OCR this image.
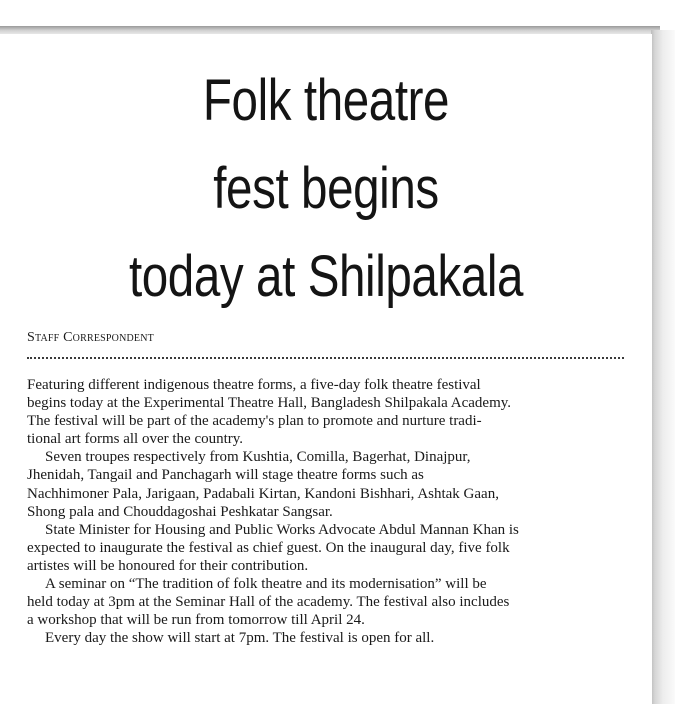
Folk theatre
fest begins
today at Shilpakala
Staff Correspondent
Featuring different indigenous theatre forms, a five-day folk theatre festival
begins today at the Experimental Theatre Hall, Bangladesh Shilpakala Academy.
The festival will be part of the academy's plan to promote and nurture tradi-
tional art forms all over the country.
Seven troupes respectively from Kushtia, Comilla, Bagerhat, Dinajpur,
Jhenidah, Tangail and Panchagarh will stage theatre forms such as
Nachhimoner Pala, Jarigaan, Padabali Kirtan, Kandoni Bishhari, Ashtak Gaan,
Shong pala and Chouddagoshai Peshkatar Sangsar.
State Minister for Housing and Public Works Advocate Abdul Mannan Khan is
expected to inaugurate the festival as chief guest. On the inaugural day, five folk
artistes will be honoured for their contribution.
A seminar on “The tradition of folk theatre and its modernisation” will be
held today at 3pm at the Seminar Hall of the academy. The festival also includes
a workshop that will be run from tomorrow till April 24.
Every day the show will start at 7pm. The festival is open for all.
